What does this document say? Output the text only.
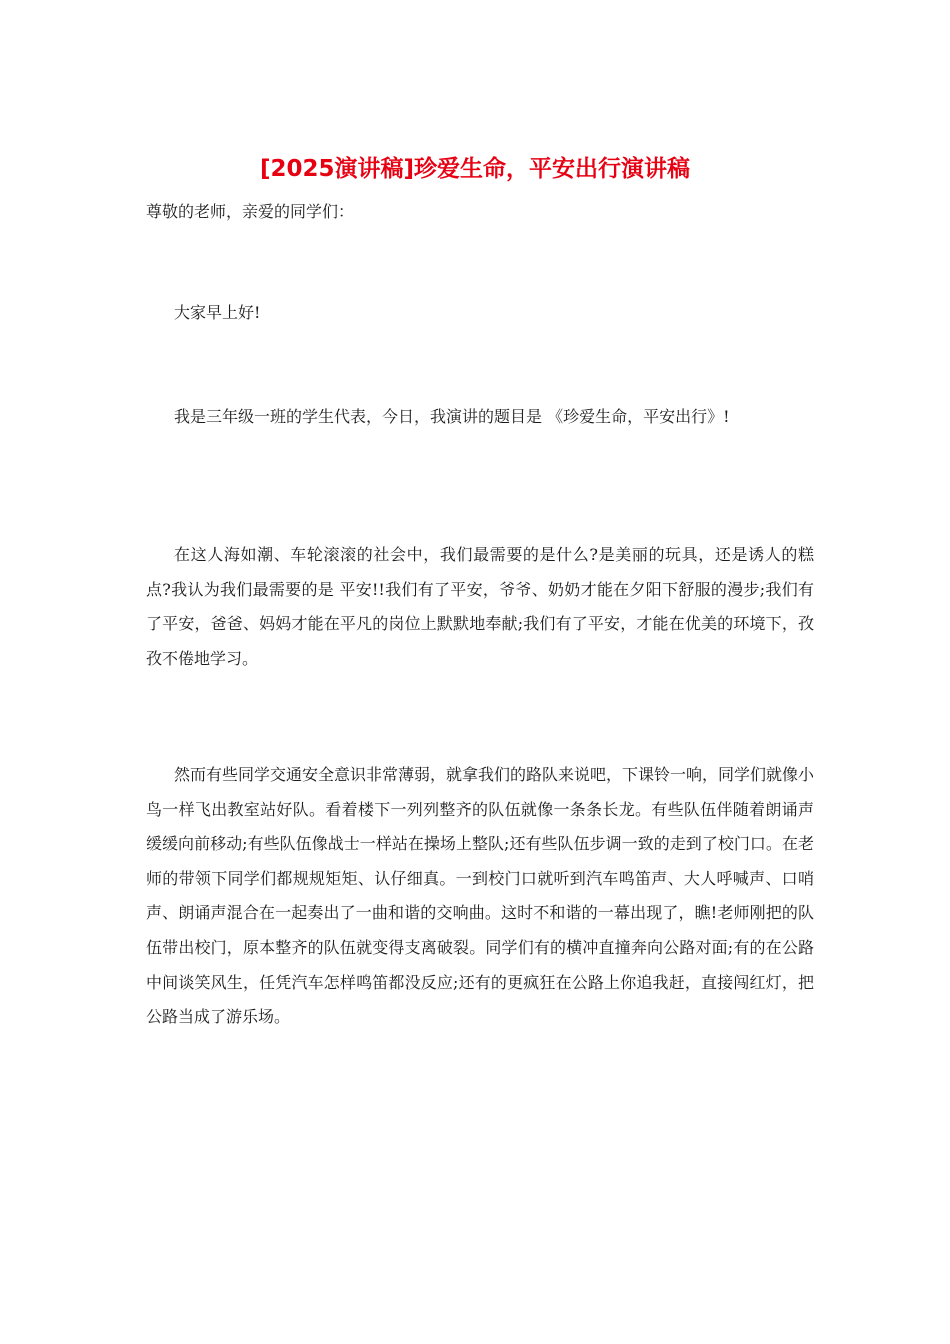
[2025演讲稿]珍爱生命，平安出行演讲稿
尊敬的老师，亲爱的同学们：

大家早上好!

我是三年级一班的学生代表，今日，我演讲的题目是 《珍爱生命，平安出行》!

在这人海如潮、车轮滚滚的社会中，我们最需要的是什么?是美丽的玩具，还是诱人的糕点?我认为我们最需要的是 平安!!我们有了平安，爷爷、奶奶才能在夕阳下舒服的漫步;我们有了平安，爸爸、妈妈才能在平凡的岗位上默默地奉献;我们有了平安，才能在优美的环境下，孜孜不倦地学习。

然而有些同学交通安全意识非常薄弱，就拿我们的路队来说吧，下课铃一响，同学们就像小鸟一样飞出教室站好队。看着楼下一列列整齐的队伍就像一条条长龙。有些队伍伴随着朗诵声缓缓向前移动;有些队伍像战士一样站在操场上整队;还有些队伍步调一致的走到了校门口。在老师的带领下同学们都规规矩矩、认仔细真。一到校门口就听到汽车鸣笛声、大人呼喊声、口哨声、朗诵声混合在一起奏出了一曲和谐的交响曲。这时不和谐的一幕出现了，瞧!老师刚把的队伍带出校门，原本整齐的队伍就变得支离破裂。同学们有的横冲直撞奔向公路对面;有的在公路中间谈笑风生，任凭汽车怎样鸣笛都没反应;还有的更疯狂在公路上你追我赶，直接闯红灯，把公路当成了游乐场。
